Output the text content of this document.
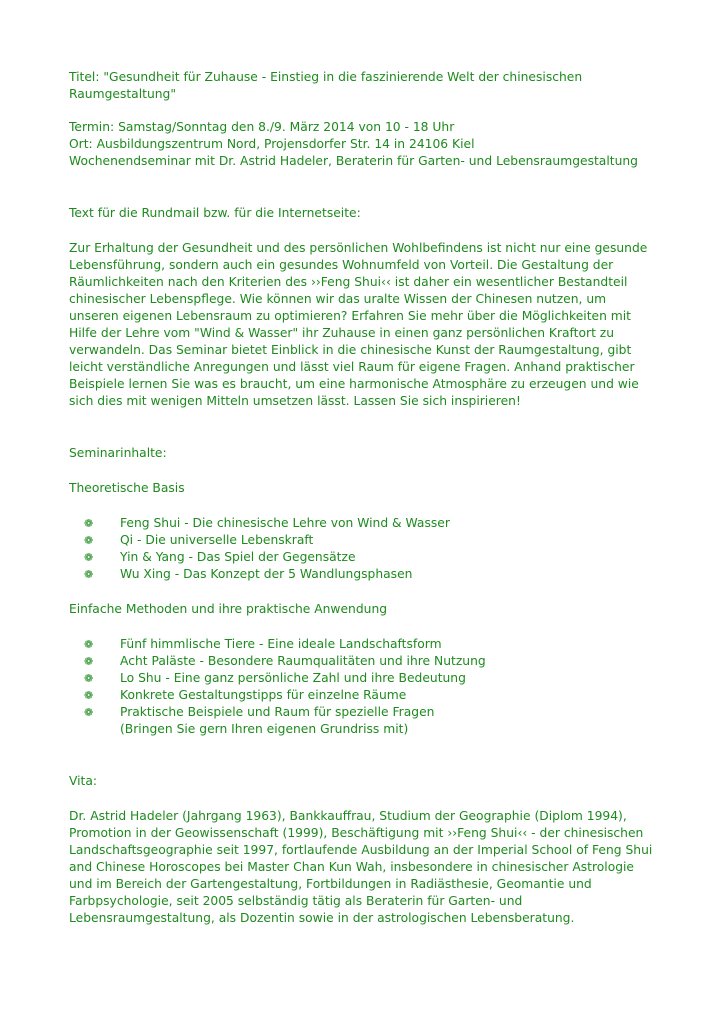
Titel: "Gesundheit für Zuhause - Einstieg in die faszinierende Welt der chinesischen Raumgestaltung"

Termin: Samstag/Sonntag den 8./9. März 2014 von 10 - 18 Uhr

Ort: Ausbildungszentrum Nord, Projensdorfer Str. 14 in 24106 Kiel

Wochenendseminar mit Dr. Astrid Hadeler, Beraterin für Garten- und Lebensraumgestaltung

Text für die Rundmail bzw. für die Internetseite:

Zur Erhaltung der Gesundheit und des persönlichen Wohlbefindens ist nicht nur eine gesunde Lebensführung, sondern auch ein gesundes Wohnumfeld von Vorteil. Die Gestaltung der Räumlichkeiten nach den Kriterien des ››Feng Shui‹‹ ist daher ein wesentlicher Bestandteil chinesischer Lebenspflege. Wie können wir das uralte Wissen der Chinesen nutzen, um unseren eigenen Lebensraum zu optimieren? Erfahren Sie mehr über die Möglichkeiten mit Hilfe der Lehre vom "Wind & Wasser" ihr Zuhause in einen ganz persönlichen Kraftort zu verwandeln. Das Seminar bietet Einblick in die chinesische Kunst der Raumgestaltung, gibt leicht verständliche Anregungen und lässt viel Raum für eigene Fragen. Anhand praktischer Beispiele lernen Sie was es braucht, um eine harmonische Atmosphäre zu erzeugen und wie sich dies mit wenigen Mitteln umsetzen lässt. Lassen Sie sich inspirieren!

Seminarinhalte:

Theoretische Basis

❁ Feng Shui - Die chinesische Lehre von Wind & Wasser
❁ Qi - Die universelle Lebenskraft
❁ Yin & Yang - Das Spiel der Gegensätze
❁ Wu Xing - Das Konzept der 5 Wandlungsphasen

Einfache Methoden und ihre praktische Anwendung

❁ Fünf himmlische Tiere - Eine ideale Landschaftsform
❁ Acht Paläste - Besondere Raumqualitäten und ihre Nutzung
❁ Lo Shu - Eine ganz persönliche Zahl und ihre Bedeutung
❁ Konkrete Gestaltungstipps für einzelne Räume
❁ Praktische Beispiele und Raum für spezielle Fragen

(Bringen Sie gern Ihren eigenen Grundriss mit)

Vita:

Dr. Astrid Hadeler (Jahrgang 1963), Bankkauffrau, Studium der Geographie (Diplom 1994), Promotion in der Geowissenschaft (1999), Beschäftigung mit ››Feng Shui‹‹ - der chinesischen Landschaftsgeographie seit 1997, fortlaufende Ausbildung an der Imperial School of Feng Shui and Chinese Horoscopes bei Master Chan Kun Wah, insbesondere in chinesischer Astrologie und im Bereich der Gartengestaltung, Fortbildungen in Radiästhesie, Geomantie und Farbpsychologie, seit 2005 selbständig tätig als Beraterin für Garten- und Lebensraumgestaltung, als Dozentin sowie in der astrologischen Lebensberatung.
